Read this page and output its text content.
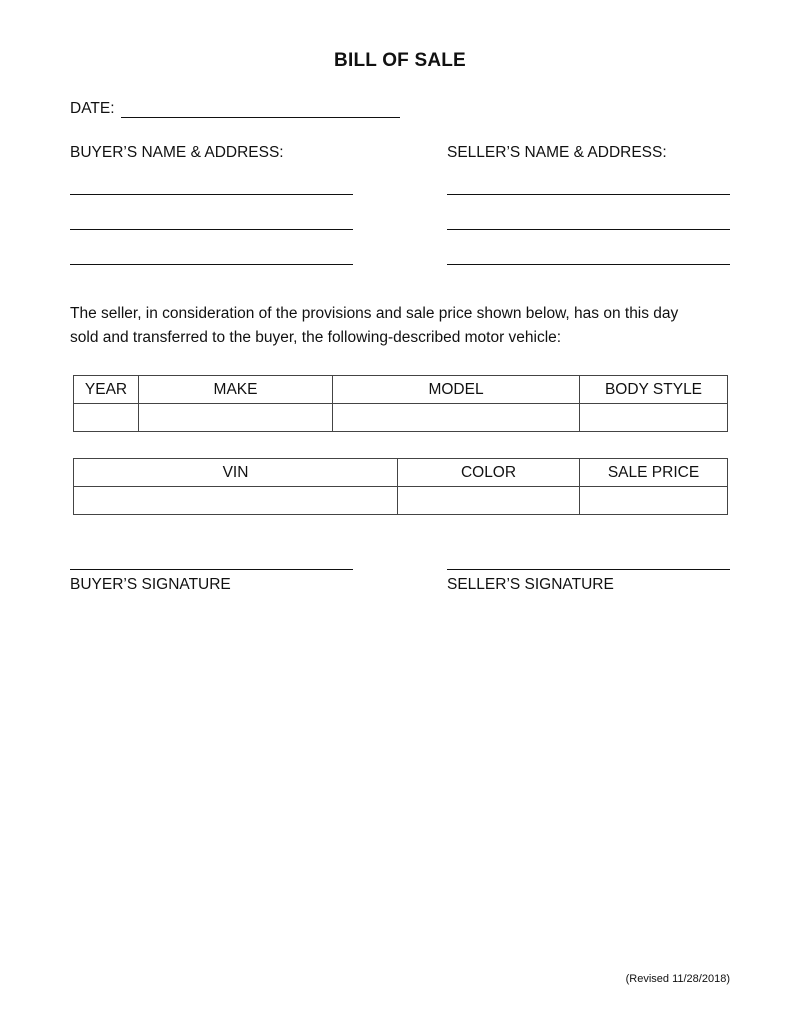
BILL OF SALE
DATE:
BUYER’S NAME & ADDRESS:	SELLER’S NAME & ADDRESS:
The seller, in consideration of the provisions and sale price shown below, has on this day
sold and transferred to the buyer, the following-described motor vehicle:
YEAR	MAKE	MODEL	BODY STYLE

VIN	COLOR	SALE PRICE

BUYER’S SIGNATURE	SELLER’S SIGNATURE
(Revised 11/28/2018)
